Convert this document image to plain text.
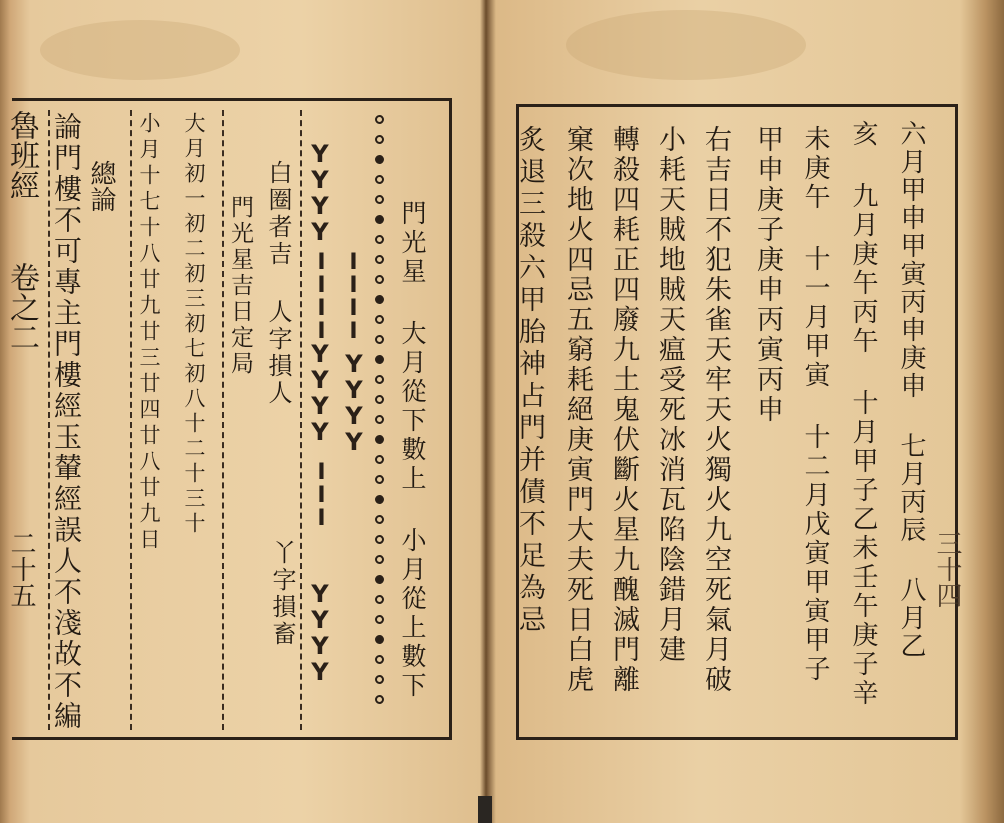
魯班經
卷之二
二十五 論門樓不可專主門樓經玉輦經誤人不淺故不編 總論 小月十七十八廿九廿三廿四廿八廿九日 大月初一初二初三初七初八十二十三十 門光星吉日定局 白圈者吉 人字損人
丫字損畜
YYYY
ⅠⅠⅠⅠ
YYYY
ⅠⅠⅠ
YYYY
ⅠⅠⅠⅠ
YYYY 門光星 大月從下數上 小月從上數下	炙退三殺六甲胎神占門并債不足為忌 窠次地火四忌五窮耗絕庚寅門大夫死日白虎 轉殺四耗正四廢九土鬼伏斷火星九醜滅門離 小耗天賊地賊天瘟受死冰消瓦陷陰錯月建 右吉日不犯朱雀天牢天火獨火九空死氣月破 甲申庚子庚申丙寅丙申 未庚午 十一月甲寅 十二月戊寅甲寅甲子 亥 九月庚午丙午 十月甲子乙未壬午庚子辛 六月甲申甲寅丙申庚申 七月丙辰 八月乙 三十四
